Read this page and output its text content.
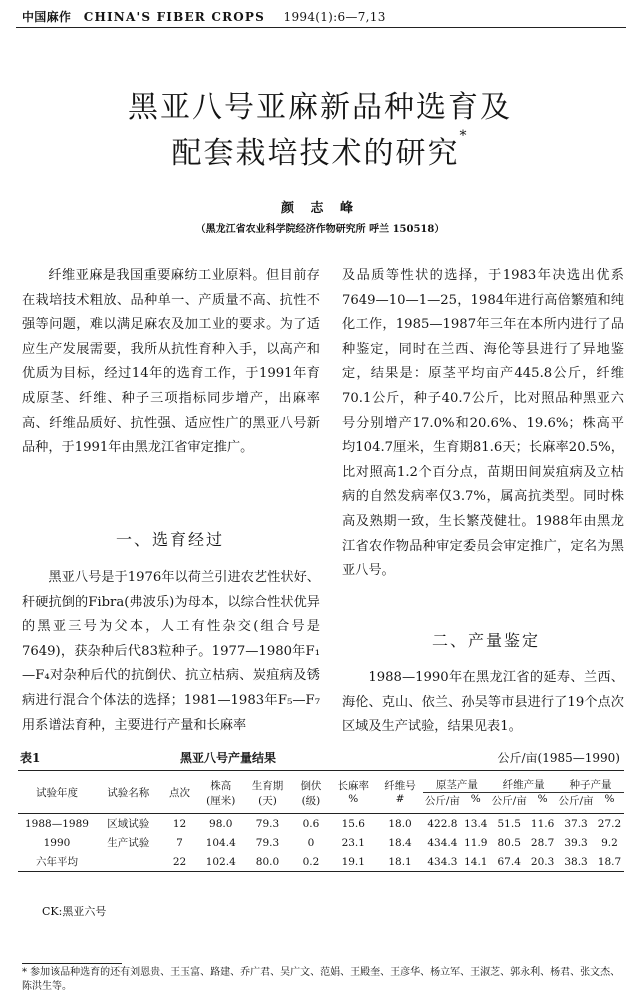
中国麻作 CHINA'S FIBER CROPS 1994(1):6—7,13
黑亚八号亚麻新品种选育及
配套栽培技术的研究*
颜 志 峰
（黑龙江省农业科学院经济作物研究所 呼兰 150518）

纤维亚麻是我国重要麻纺工业原料。但目前存在栽培技术粗放、品种单一、产质量不高、抗性不强等问题，难以满足麻农及加工业的要求。为了适应生产发展需要，我所从抗性育种入手，以高产和优质为目标，经过14年的选育工作，于1991年育成原茎、纤维、种子三项指标同步增产，出麻率高、纤维品质好、抗性强、适应性广的黑亚八号新品种，于1991年由黑龙江省审定推广。

一、选育经过

黑亚八号是于1976年以荷兰引进农艺性状好、秆硬抗倒的Fibra(弗波乐)为母本，以综合性状优异的黑亚三号为父本，人工有性杂交(组合号是7649)，获杂种后代83粒种子。1977—1980年F₁—F₄对杂种后代的抗倒伏、抗立枯病、炭疽病及锈病进行混合个体法的选择；1981—1983年F₅—F₇用系谱法育种，主要进行产量和长麻率

及品质等性状的选择，于1983年决选出优系7649—10—1—25，1984年进行高倍繁殖和纯化工作，1985—1987年三年在本所内进行了品种鉴定，同时在兰西、海伦等县进行了异地鉴定，结果是：原茎平均亩产445.8公斤，纤维70.1公斤，种子40.7公斤，比对照品种黑亚六号分别增产17.0%和20.6%、19.6%；株高平均104.7厘米，生育期81.6天；长麻率20.5%，比对照高1.2个百分点，苗期田间炭疽病及立枯病的自然发病率仅3.7%，属高抗类型。同时株高及熟期一致，生长繁茂健壮。1988年由黑龙江省农作物品种审定委员会审定推广，定名为黑亚八号。

二、产量鉴定

1988—1990年在黑龙江省的延寿、兰西、海伦、克山、依兰、孙吴等市县进行了19个点次区域及生产试验，结果见表1。

表1	黑亚八号产量结果	公斤/亩(1985—1990)
试验年度	试验名称	点次	株高	生育期	倒伏	长麻率	纤维号	原茎产量		纤维产量		种子产量	
			(厘米)	(天)	(级)	%	#	公斤/亩	%	公斤/亩	%	公斤/亩	%
1988—1989	区域试验	12	98.0	79.3	0.6	15.6	18.0	422.8	13.4	51.5	11.6	37.3	27.2
1990	生产试验	7	104.4	79.3	0	23.1	18.4	434.4	11.9	80.5	28.7	39.3	9.2
六年平均		22	102.4	80.0	0.2	19.1	18.1	434.3	14.1	67.4	20.3	38.3	18.7
CK:黑亚六号
* 参加该品种选育的还有刘恩贵、王玉富、路建、乔广君、吴广文、范娟、王殿奎、王彦华、杨立军、王淑芝、郭永利、杨君、张文杰、陈洪生等。
